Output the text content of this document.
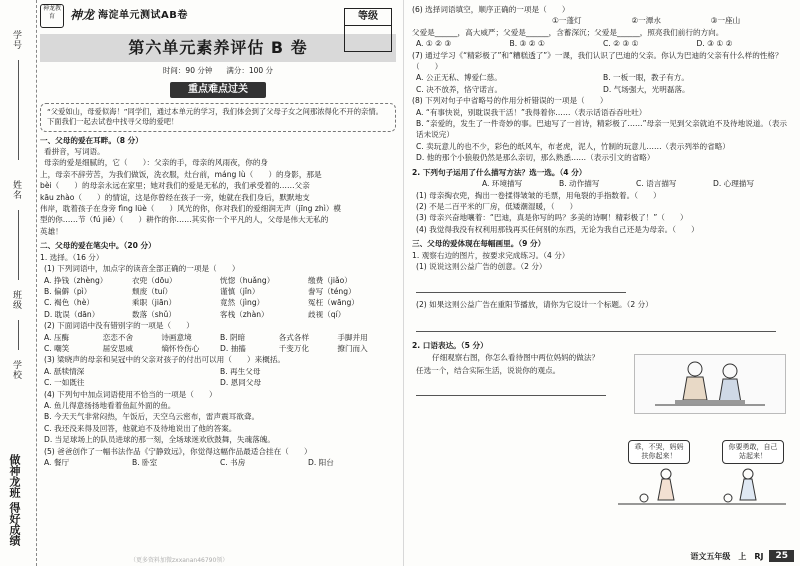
学号
姓名
班级
学校
做神龙班 得好成绩
神龙教育	神龙 海淀单元测试AB卷	等级
第六单元素养评估 B 卷
时间：90 分钟 满分：100 分
重点难点过关
“父爱如山，母爱似海！”同学们，通过本单元的学习，我们体会到了父母子女之间那浓得化不开的亲情。下面我们一起去试卷中找寻父母的爱吧！
一、父母的爱在耳畔。（8 分）
看拼音，写词语。
母亲的爱是细腻的，它（　　）：父亲的手，母亲的风雨夜，你的身
上，母亲不辞劳苦，为我们做饭，洗衣服，灶台前，máng lù（　　）的身影，那是
bèi（　　）的母亲永远在家里；她对我们的爱是无私的，我们承受着的……父亲
kāu zhào（　　）的情谊，这是你曾经在孩子一旁，她就在我们身后，默默地支
伟岸，耽着孩子在身旁 fìng lüè（　　）风光的你，你对我们的爱细润无声（jīng zhì）模
型的你……节（fú jiē）（　　）耕作的你……其实你一个平凡的人，父母是伟大无私的
英雄！
二、父母的爱在笔尖中。（20 分）
1. 选择。（16 分）
(1) 下列词语中，加点字的读音全部正确的一项是（　　）
A. 挣钱（zhèng）	衣兜（dōu）	恍惚（huǎng）	缴费（jiǎo）
B. 偏僻（pì）	颓废（tuí）	谨慎（jǐn）	誊写（téng）
C. 褐色（hè）	乘职（jiān）	竟然（jìng）	冤枉（wāng）
D. 耽误（dān）	数落（shǔ）	客栈（zhàn）	歧视（qí）
(2) 下面词语中没有错别字的一项是（　　）
A. 压酶	恋恋不舍	诗画意境	B. 阴暗	各式各样	手脚并用
C. 嘲笑	届安思威	熵怀怜伤心	D. 抽搐	千变万化	撩门而入
(3) 梁晓声的母亲和吴冠中的父亲对孩子的付出可以用（　　）来概括。
A. 舐犊情深	B. 再生父母
C. 一如既往	D. 恩同父母
(4) 下列句中加点词语使用不恰当的一项是（　　）
A. 鱼儿得意扬扬地看着鱼缸外面的鱼。
B. 今天天气非常闷热，午饭后，天空乌云密布，雷声震耳欲聋。
C. 我还没来得及回答，他就迫不及待地说出了他的答案。
D. 当足球场上的队员进球的那一刻，全场球迷欢欣鼓舞，失魂落魄。
(5) 爸爸创作了一幅书法作品《宁静致远》，你觉得这幅作品最适合挂在（　　）
A. 餐厅	B. 卧室	C. 书房	D. 阳台
(6) 选择词语填空，顺序正确的一项是（　　）
①一蓬灯	②一潭水	③一座山
父爱是______，高大威严；父爱是______，含蓄深沉；父爱是______，照亮我们前行的方向。
A. ① ② ③	B. ③ ② ①	C. ② ③ ①	D. ③ ① ②
(7) 通过学习《“精彩极了”和“糟糕透了”》一课，我们认识了巴迪的父亲。你认为巴迪的父亲有什么样的性格？（　　）
A. 公正无私、博爱仁慈。	B. 一板一眼，教子有方。
C. 决不放养，恪守诺言。	D. 气场强大，光明磊落。
(8) 下列对句子中省略号的作用分析错误的一项是（　　）
A. “有事快说，别耽误我干活！”我得着你……（表示话语吞吞吐吐）
B. “亲爱的，发生了一件奇妙的事。巴迪写了一首诗，精彩极了……”母亲一见到父亲就迫不及待地说道。（表示话未说完）
C. 卖玩意儿的也不少，彩色的纸风车，布老虎，泥人，竹制的玩意儿……（表示列举的省略）
D. 他的那个小狼般仍然是那么亲切，那么熟悉……（表示引文的省略）
2. 下列句子运用了什么描写方法？选一选。（4 分）
A. 环境描写	B. 动作描写	C. 语言描写	D. 心理描写
(1) 母亲掏衣兜，掏出一卷揉得皱皱的毛票，用龟裂的手指数着。（　　）
(2) 不是二百平米的厂房，低矮潮湿暖，（　　）
(3) 母亲兴奋地嚷着：“巴迪，真是你写的吗？多美的诗啊！精彩极了！”（　　）
(4) 我觉得我没有权利用那钱再买任何别的东西，无论为我自己还是为母亲。（　　）
三、父母的爱体现在每幅画里。（9 分）
1. 观察右边的图片，按要求完成练习。（4 分）
(1) 说说这则公益广告的创意。（2 分）
(2) 如果这则公益广告在重阳节播放，请你为它设计一个标题。（2 分）
2. 口语表达。（5 分）
仔细观察右图，你怎么看待图中两位妈妈的做法？任选一个，结合实际生活，说说你的观点。
乖，不哭，妈妈扶你起来！
你要勇敢，自己站起来！
语文五年级　上　RJ	25
（更多资料加微zxxanan46790领）
